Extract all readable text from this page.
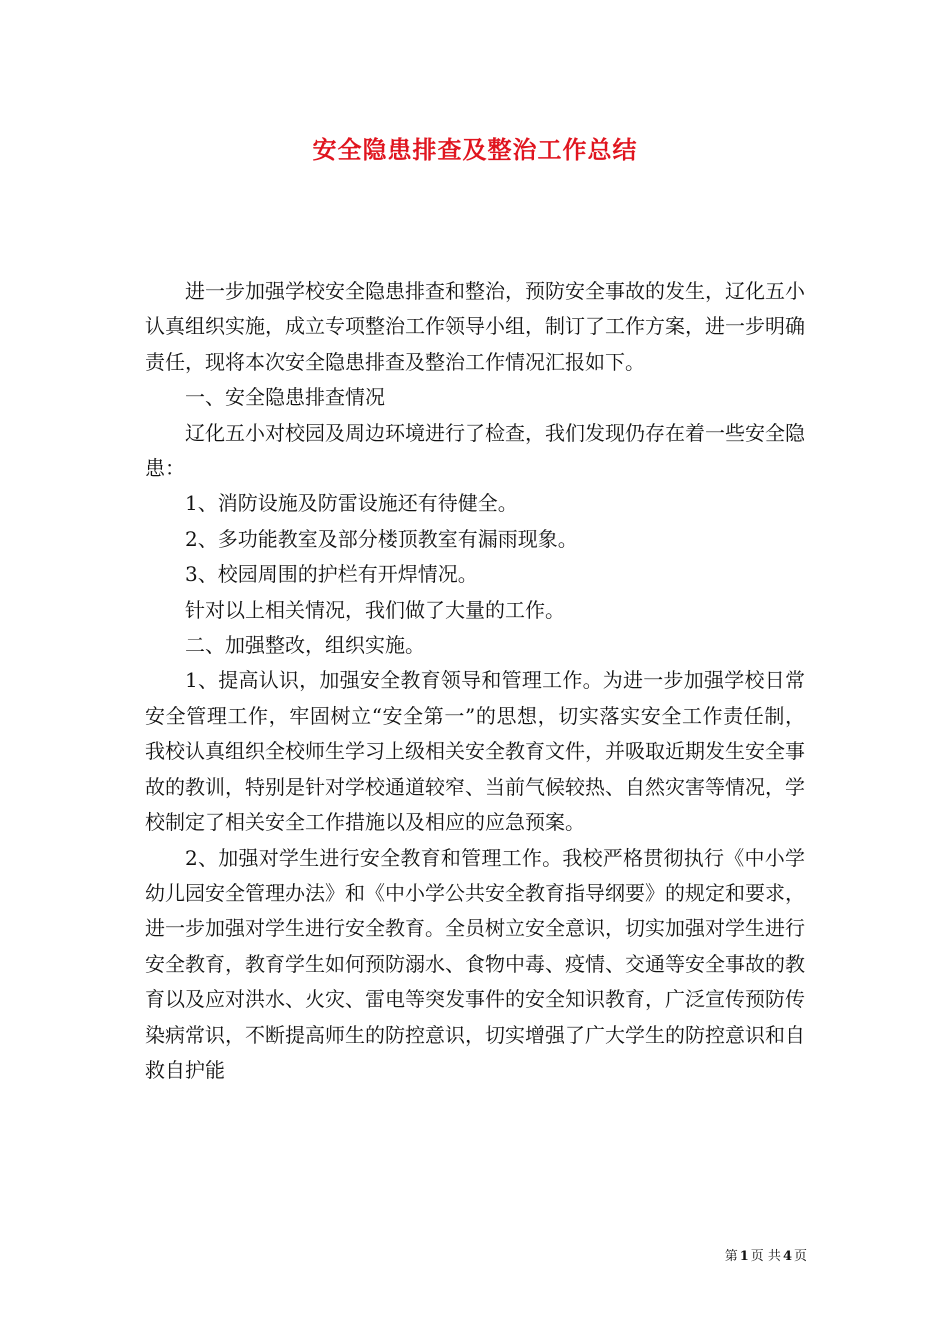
安全隐患排查及整治工作总结

进一步加强学校安全隐患排查和整治，预防安全事故的发生，辽化五小认真组织实施，成立专项整治工作领导小组，制订了工作方案，进一步明确责任，现将本次安全隐患排查及整治工作情况汇报如下。

一、安全隐患排查情况

辽化五小对校园及周边环境进行了检查，我们发现仍存在着一些安全隐患：

1、消防设施及防雷设施还有待健全。

2、多功能教室及部分楼顶教室有漏雨现象。

3、校园周围的护栏有开焊情况。

针对以上相关情况，我们做了大量的工作。

二、加强整改，组织实施。

1、提高认识，加强安全教育领导和管理工作。为进一步加强学校日常安全管理工作，牢固树立“安全第一”的思想，切实落实安全工作责任制，我校认真组织全校师生学习上级相关安全教育文件，并吸取近期发生安全事故的教训，特别是针对学校通道较窄、当前气候较热、自然灾害等情况，学校制定了相关安全工作措施以及相应的应急预案。

2、加强对学生进行安全教育和管理工作。我校严格贯彻执行《中小学幼儿园安全管理办法》和《中小学公共安全教育指导纲要》的规定和要求，进一步加强对学生进行安全教育。全员树立安全意识，切实加强对学生进行安全教育，教育学生如何预防溺水、食物中毒、疫情、交通等安全事故的教育以及应对洪水、火灾、雷电等突发事件的安全知识教育，广泛宣传预防传染病常识，不断提高师生的防控意识，切实增强了广大学生的防控意识和自救自护能

第 1 页 共 4 页
